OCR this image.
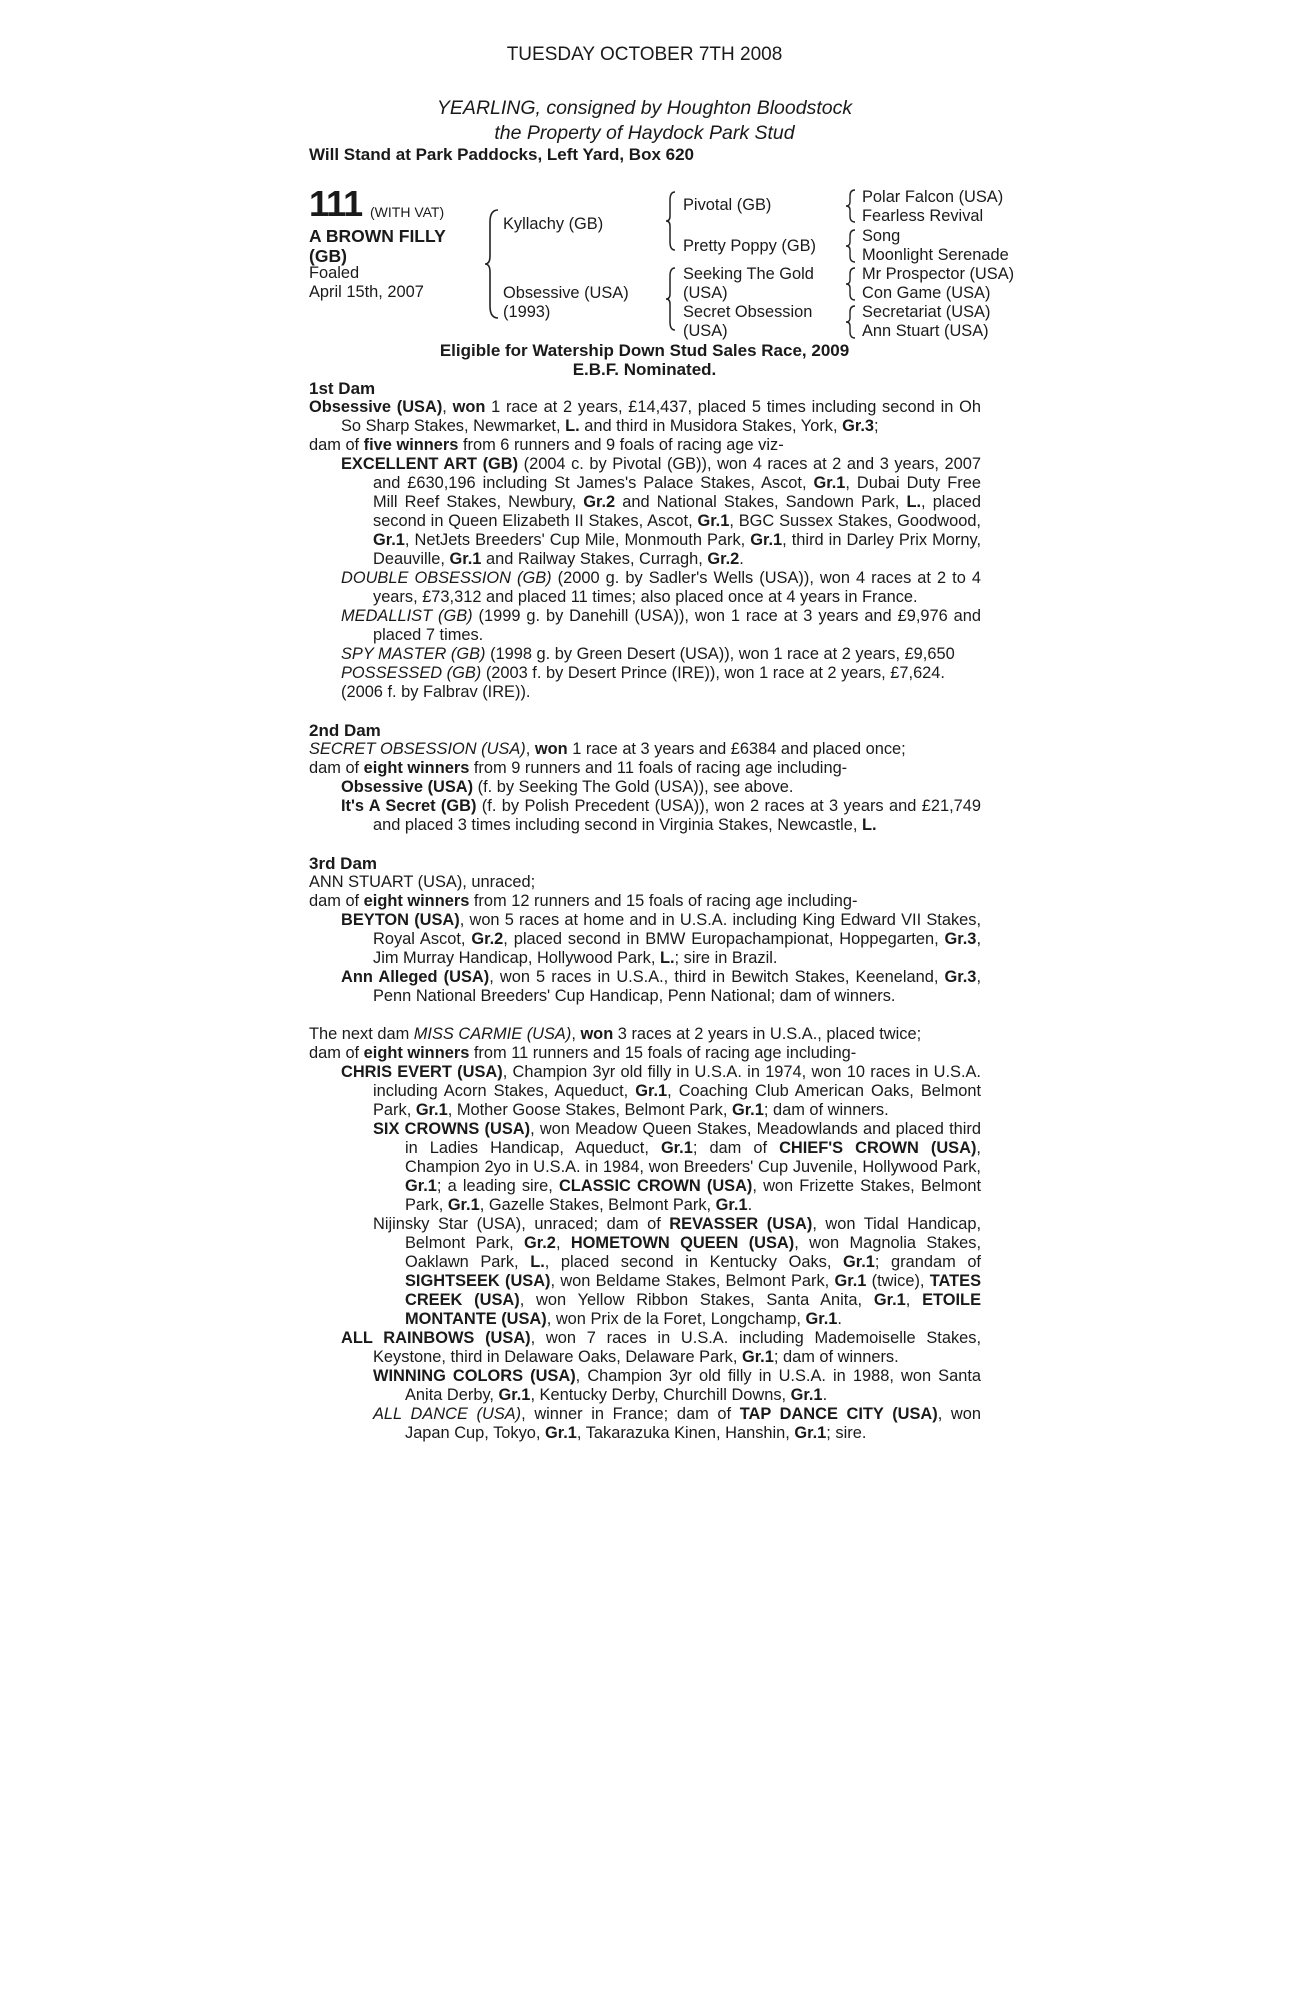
TUESDAY OCTOBER 7TH 2008
YEARLING, consigned by Houghton Bloodstock
the Property of Haydock Park Stud
Will Stand at Park Paddocks, Left Yard, Box 620
111 (WITH VAT)
A BROWN FILLY
(GB)
Foaled
April 15th, 2007
Kyllachy (GB)
Obsessive (USA)
(1993)
Pivotal (GB)
Pretty Poppy (GB)
Seeking The Gold
(USA)
Secret Obsession
(USA)
Polar Falcon (USA)
Fearless Revival
Song
Moonlight Serenade
Mr Prospector (USA)
Con Game (USA)
Secretariat (USA)
Ann Stuart (USA)
Eligible for Watership Down Stud Sales Race, 2009
E.B.F. Nominated.

1st Dam

Obsessive (USA), won 1 race at 2 years, £14,437, placed 5 times including second in Oh So Sharp Stakes, Newmarket, L. and third in Musidora Stakes, York, Gr.3;

dam of five winners from 6 runners and 9 foals of racing age viz-

EXCELLENT ART (GB) (2004 c. by Pivotal (GB)), won 4 races at 2 and 3 years, 2007 and £630,196 including St James's Palace Stakes, Ascot, Gr.1, Dubai Duty Free Mill Reef Stakes, Newbury, Gr.2 and National Stakes, Sandown Park, L., placed second in Queen Elizabeth II Stakes, Ascot, Gr.1, BGC Sussex Stakes, Goodwood, Gr.1, NetJets Breeders' Cup Mile, Monmouth Park, Gr.1, third in Darley Prix Morny, Deauville, Gr.1 and Railway Stakes, Curragh, Gr.2.

DOUBLE OBSESSION (GB) (2000 g. by Sadler's Wells (USA)), won 4 races at 2 to 4 years, £73,312 and placed 11 times; also placed once at 4 years in France.

MEDALLIST (GB) (1999 g. by Danehill (USA)), won 1 race at 3 years and £9,976 and placed 7 times.

SPY MASTER (GB) (1998 g. by Green Desert (USA)), won 1 race at 2 years, £9,650

POSSESSED (GB) (2003 f. by Desert Prince (IRE)), won 1 race at 2 years, £7,624.

(2006 f. by Falbrav (IRE)).

2nd Dam

SECRET OBSESSION (USA), won 1 race at 3 years and £6384 and placed once;

dam of eight winners from 9 runners and 11 foals of racing age including-

Obsessive (USA) (f. by Seeking The Gold (USA)), see above.

It's A Secret (GB) (f. by Polish Precedent (USA)), won 2 races at 3 years and £21,749 and placed 3 times including second in Virginia Stakes, Newcastle, L.

3rd Dam

ANN STUART (USA), unraced;

dam of eight winners from 12 runners and 15 foals of racing age including-

BEYTON (USA), won 5 races at home and in U.S.A. including King Edward VII Stakes, Royal Ascot, Gr.2, placed second in BMW Europachampionat, Hoppegarten, Gr.3, Jim Murray Handicap, Hollywood Park, L.; sire in Brazil.

Ann Alleged (USA), won 5 races in U.S.A., third in Bewitch Stakes, Keeneland, Gr.3, Penn National Breeders' Cup Handicap, Penn National; dam of winners.

The next dam MISS CARMIE (USA), won 3 races at 2 years in U.S.A., placed twice;

dam of eight winners from 11 runners and 15 foals of racing age including-

CHRIS EVERT (USA), Champion 3yr old filly in U.S.A. in 1974, won 10 races in U.S.A. including Acorn Stakes, Aqueduct, Gr.1, Coaching Club American Oaks, Belmont Park, Gr.1, Mother Goose Stakes, Belmont Park, Gr.1; dam of winners.

SIX CROWNS (USA), won Meadow Queen Stakes, Meadowlands and placed third in Ladies Handicap, Aqueduct, Gr.1; dam of CHIEF'S CROWN (USA), Champion 2yo in U.S.A. in 1984, won Breeders' Cup Juvenile, Hollywood Park, Gr.1; a leading sire, CLASSIC CROWN (USA), won Frizette Stakes, Belmont Park, Gr.1, Gazelle Stakes, Belmont Park, Gr.1.

Nijinsky Star (USA), unraced; dam of REVASSER (USA), won Tidal Handicap, Belmont Park, Gr.2, HOMETOWN QUEEN (USA), won Magnolia Stakes, Oaklawn Park, L., placed second in Kentucky Oaks, Gr.1; grandam of SIGHTSEEK (USA), won Beldame Stakes, Belmont Park, Gr.1 (twice), TATES CREEK (USA), won Yellow Ribbon Stakes, Santa Anita, Gr.1, ETOILE MONTANTE (USA), won Prix de la Foret, Longchamp, Gr.1.

ALL RAINBOWS (USA), won 7 races in U.S.A. including Mademoiselle Stakes, Keystone, third in Delaware Oaks, Delaware Park, Gr.1; dam of winners.

WINNING COLORS (USA), Champion 3yr old filly in U.S.A. in 1988, won Santa Anita Derby, Gr.1, Kentucky Derby, Churchill Downs, Gr.1.

ALL DANCE (USA), winner in France; dam of TAP DANCE CITY (USA), won Japan Cup, Tokyo, Gr.1, Takarazuka Kinen, Hanshin, Gr.1; sire.
